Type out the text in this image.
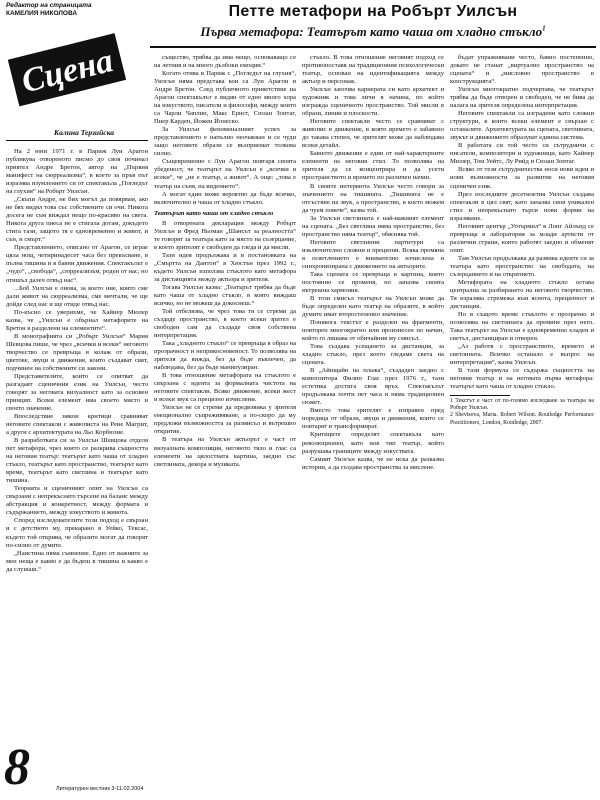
Редактор на страницата
КАМЕЛИЯ НИКОЛОВА
Сцена
Петте метафори на Робърт Уилсън
Първа метафора: Театърът като чаша от хладно стъкло$^1$
Калина Терзийска

На 2 юни 1971 г. в Париж Луи Арагон публикува отвореното писмо до своя починал приятел Андре Бретон, автор на „Първия манифест на сюрреализма“, в което за пръв път изразява изумлението си от спектакъла „Погледът на глухия“ на Робърт Уилсън.

„Скъпи Андре, не бих могъл да повярвам, ако не бях видял това със собствените си очи. Никога досега не съм виждал нещо по-красиво на света. Никога друга пиеса не е стигала дотам, докъдето стига тази, защото тя е едновременно и живот, и сън, и смърт.“

Представлението, описано от Арагон, се играе цяла нощ, четиринадесет часа без прекъсване, в пълна тишина и в бавни движения. Спектакълът е „чудо“, „свобода“, „сюрреализъм, роден от нас, но отишъл далеч отвъд нас“.

...Боб Уилсън е онова, за което ние, които сме дали живот на сюрреализма, сме мечтали, че ще дойде след нас и ще отиде отвъд нас.

По-късно се уверихме, че Хайнер Мюлер казва, че „Уилсън е обърнал метафорите на Бретон в разделени на елементите“.

В монографията си „Робърт Уилсън“ Мария Шевцова пише, че чрез „всички и всеки“ неговото творчество се превръща в колаж от образи, цветове, звуци и движения, които създават свят, подчинен на собствените си закони.

Представителите, които се опитват да разгадаят сценичния език на Уилсън, често говорят за неговата визуалност като за основен принцип. Всеки елемент има своето място и своето значение.

Впоследствие някои критици сравняват неговите спектакли с живописта на Рене Магрит, а други с архитектурата на Льо Корбюзие.

В разработката си за Уилсън Шевцова отделя пет метафори, чрез които се разкрива същността на неговия театър: театърът като чаша от хладно стъкло, театърът като пространство, театърът като време, театърът като светлина и театърът като тишина.

Теорията и сценичният опит на Уилсън са свързани с непрекъснато търсене на баланс между абстракция и конкретност, между формата и съдържанието, между изкуството и живота.

Според изследователите този подход е свързан и с детството му, прекарано в Уейко, Тексас, където той открива, че образите могат да говорят по-силно от думите.

„Наистина няма съмнение. Едно от важните за мен неща е какво е да бъдеш в тишина и какво е да слушаш.“

същество, трябва да има нещо, основаващо се на летния и на много дълбоки емоции.“

Когато отива в Париж с „Погледът на глухия“, Уилсън няма представа кои са Луи Арагон и Андре Бретон. След публичното приветствие на Арагон спектакълът е видян от едно много хора на изкуството, писатели и философи, между които са Чарли Чаплин, Макс Ернст, Сюзан Зонтаг, Пиер Карден, Йожен Йонеско.

За Уилсън феноменалният успех за представлението е напълно неочакван и се чуди защо неговите образи се възприемат толкова силно.

Същевременно с Луи Арагон повтаря своята убеденост, че театърът на Уилсън е „всички и всеки“, че „не е театър, а живот“. А още: „това е театър на съня, на видението“.

А могат един може вероятно да бъде всичко, включително и чаша от хладно стъкло.

Театърът като чаша от хладно стъкло

В отворената декларация между Робърт Уилсън и Фред Ньоман „Шансът за реалността“ те говорят за театъра като за място на съзерцание, в което зрителят е свободен да гледа и да мисли.

Тази идея продължава и в постановката на „Смъртта на Дантон“ в Хюстън през 1992 г., където Уилсън използва стъклото като метафора за дистанцията между актьора и зрителя.

Тогава Уилсън казва: „Театърът трябва да бъде като чаша от хладно стъкло, в която виждаш всичко, но не можеш да докоснеш.“

Той отбелязва, че чрез това тя се стреми да създаде пространство, в което всеки зрител е свободен сам да създаде своя собствена интерпретация.

Така „хладното стъкло“ се превръща в образ на прозрачност и неприкосновеност. То позволява на зрителя да вижда, без да бъде въвлечен, да наблюдава, без да бъде манипулиран.

В това отношение метафората на стъклото е свързана с идеята за формалната чистота на неговите спектакли. Всяко движение, всеки жест и всеки звук са прецизно изчислени.

Уилсън не се стреми да предизвика у зрителя емоционално съпреживяване, а по-скоро да му предложи възможността за размисъл и вътрешно откритие.

В театъра на Уилсън актьорът е част от визуалната композиция, неговото тяло и глас са елементи на цялостната картина, заедно със светлината, декора и музиката.

стъкло. В това отношение неговият подход се противопоставя на традиционния психологически театър, основан на идентификацията между актьор и персонаж.

Уилсън започва кариерата си като архитект и художник и това личи в начина, по който изгражда сценичното пространство. Той мисли в образи, линии и плоскости.

Неговите спектакли често се сравняват с живопис в движение, в която времето е забавено до такава степен, че зрителят може да наблюдава всеки детайл.

Бавното движение е един от най-характерните елементи на неговия стил. То позволява на зрителя да се концентрира и да усети пространството и времето по различен начин.

В своите интервюта Уилсън често говори за значението на тишината. „Тишината не е отсъствие на звук, а пространство, в което можем да чуем повече“, казва той.

За Уилсън светлината е най-важният елемент на сцената. „Без светлина няма пространство, без пространство няма театър“, обяснява той.

Неговите светлинни партитури са изключително сложни и прецизни. Всяка промяна в осветлението е внимателно изчислена и синхронизирана с движението на актьорите.

Така сцената се превръща в картина, която постоянно се променя, но запазва своята вътрешна хармония.

В този смисъл театърът на Уилсън може да бъде определен като театър на образите, в който думите имат второстепенно значение.

Понякога текстът е разделен на фрагменти, повторен многократно или произнесен по начин, който го лишава от обичайния му смисъл.

Това създава усещането за дистанция, за хладно стъкло, през което гледаме света на сцената.

В „Айнщайн на плажа“, създаден заедно с композитора Филип Глас през 1976 г., тази естетика достига своя връх. Спектакълът продължава почти пет часа и няма традиционен сюжет.

Вместо това зрителят е изправен пред поредица от образи, звуци и движения, които се повтарят и трансформират.

Критиците определят спектакъла като революционен, като нов тип театър, който разрушава границите между изкуствата.

Самият Уилсън казва, че не иска да разказва истории, а да създава пространства за мислене.

бъдат упражнявани често, бавно постепенно, докато не станат „виртуално пространство на сцената“ и „мисловно пространство в конструкцията“.

Уилсън многократно подчертава, че театърът трябва да бъде отворен и свободен, че не бива да налага на зрителя определена интерпретация.

Неговите спектакли са изградени като сложни структури, в които всеки елемент е свързан с останалите. Архитектурата на сцената, светлината, звукът и движението образуват единна система.

В работата си той често си сътрудничи с писатели, композитори и художници, като Хайнер Мюлер, Том Уейтс, Лу Рийд и Сюзан Зонтаг.

Всяко от тези сътрудничества носи нови идеи и нови възможности за развитие на неговия сценичен език.

През последните десетилетия Уилсън създава спектакли в цял свят, като запазва своя уникален стил и непрекъснато търси нови форми на изразяване.

Неговият център „Уотърмил“ в Лонг Айлънд се превръща в лаборатория за млади артисти от различни страни, които работят заедно и обменят опит.

Там Уилсън продължава да развива идеите си за театъра като пространство на свободата, на съзерцанието и на откритието.

Метафората на хладното стъкло остава централна за разбирането на неговото творчество. Тя изразява стремежа към яснота, прецизност и дистанция.

Но в същото време стъклото е прозрачно и позволява на светлината да премине през него. Така театърът на Уилсън е едновременно хладен и светъл, дистанциран и отворен.

„Аз работя с пространството, времето и светлината. Всичко останало е въпрос на интерпретация“, казва Уилсън.

В тази формула се съдържа същността на неговия театър и на неговата първа метафора: театърът като чаша от хладно стъкло.

1 Текстът е част от по-голямо изследване за театъра на Робърт Уилсън.

2 Shevtsova, Maria. Robert Wilson. Routledge Performance Practitioners, London, Routledge, 2007.

8	Литературен вестник 3-11.02.2004
